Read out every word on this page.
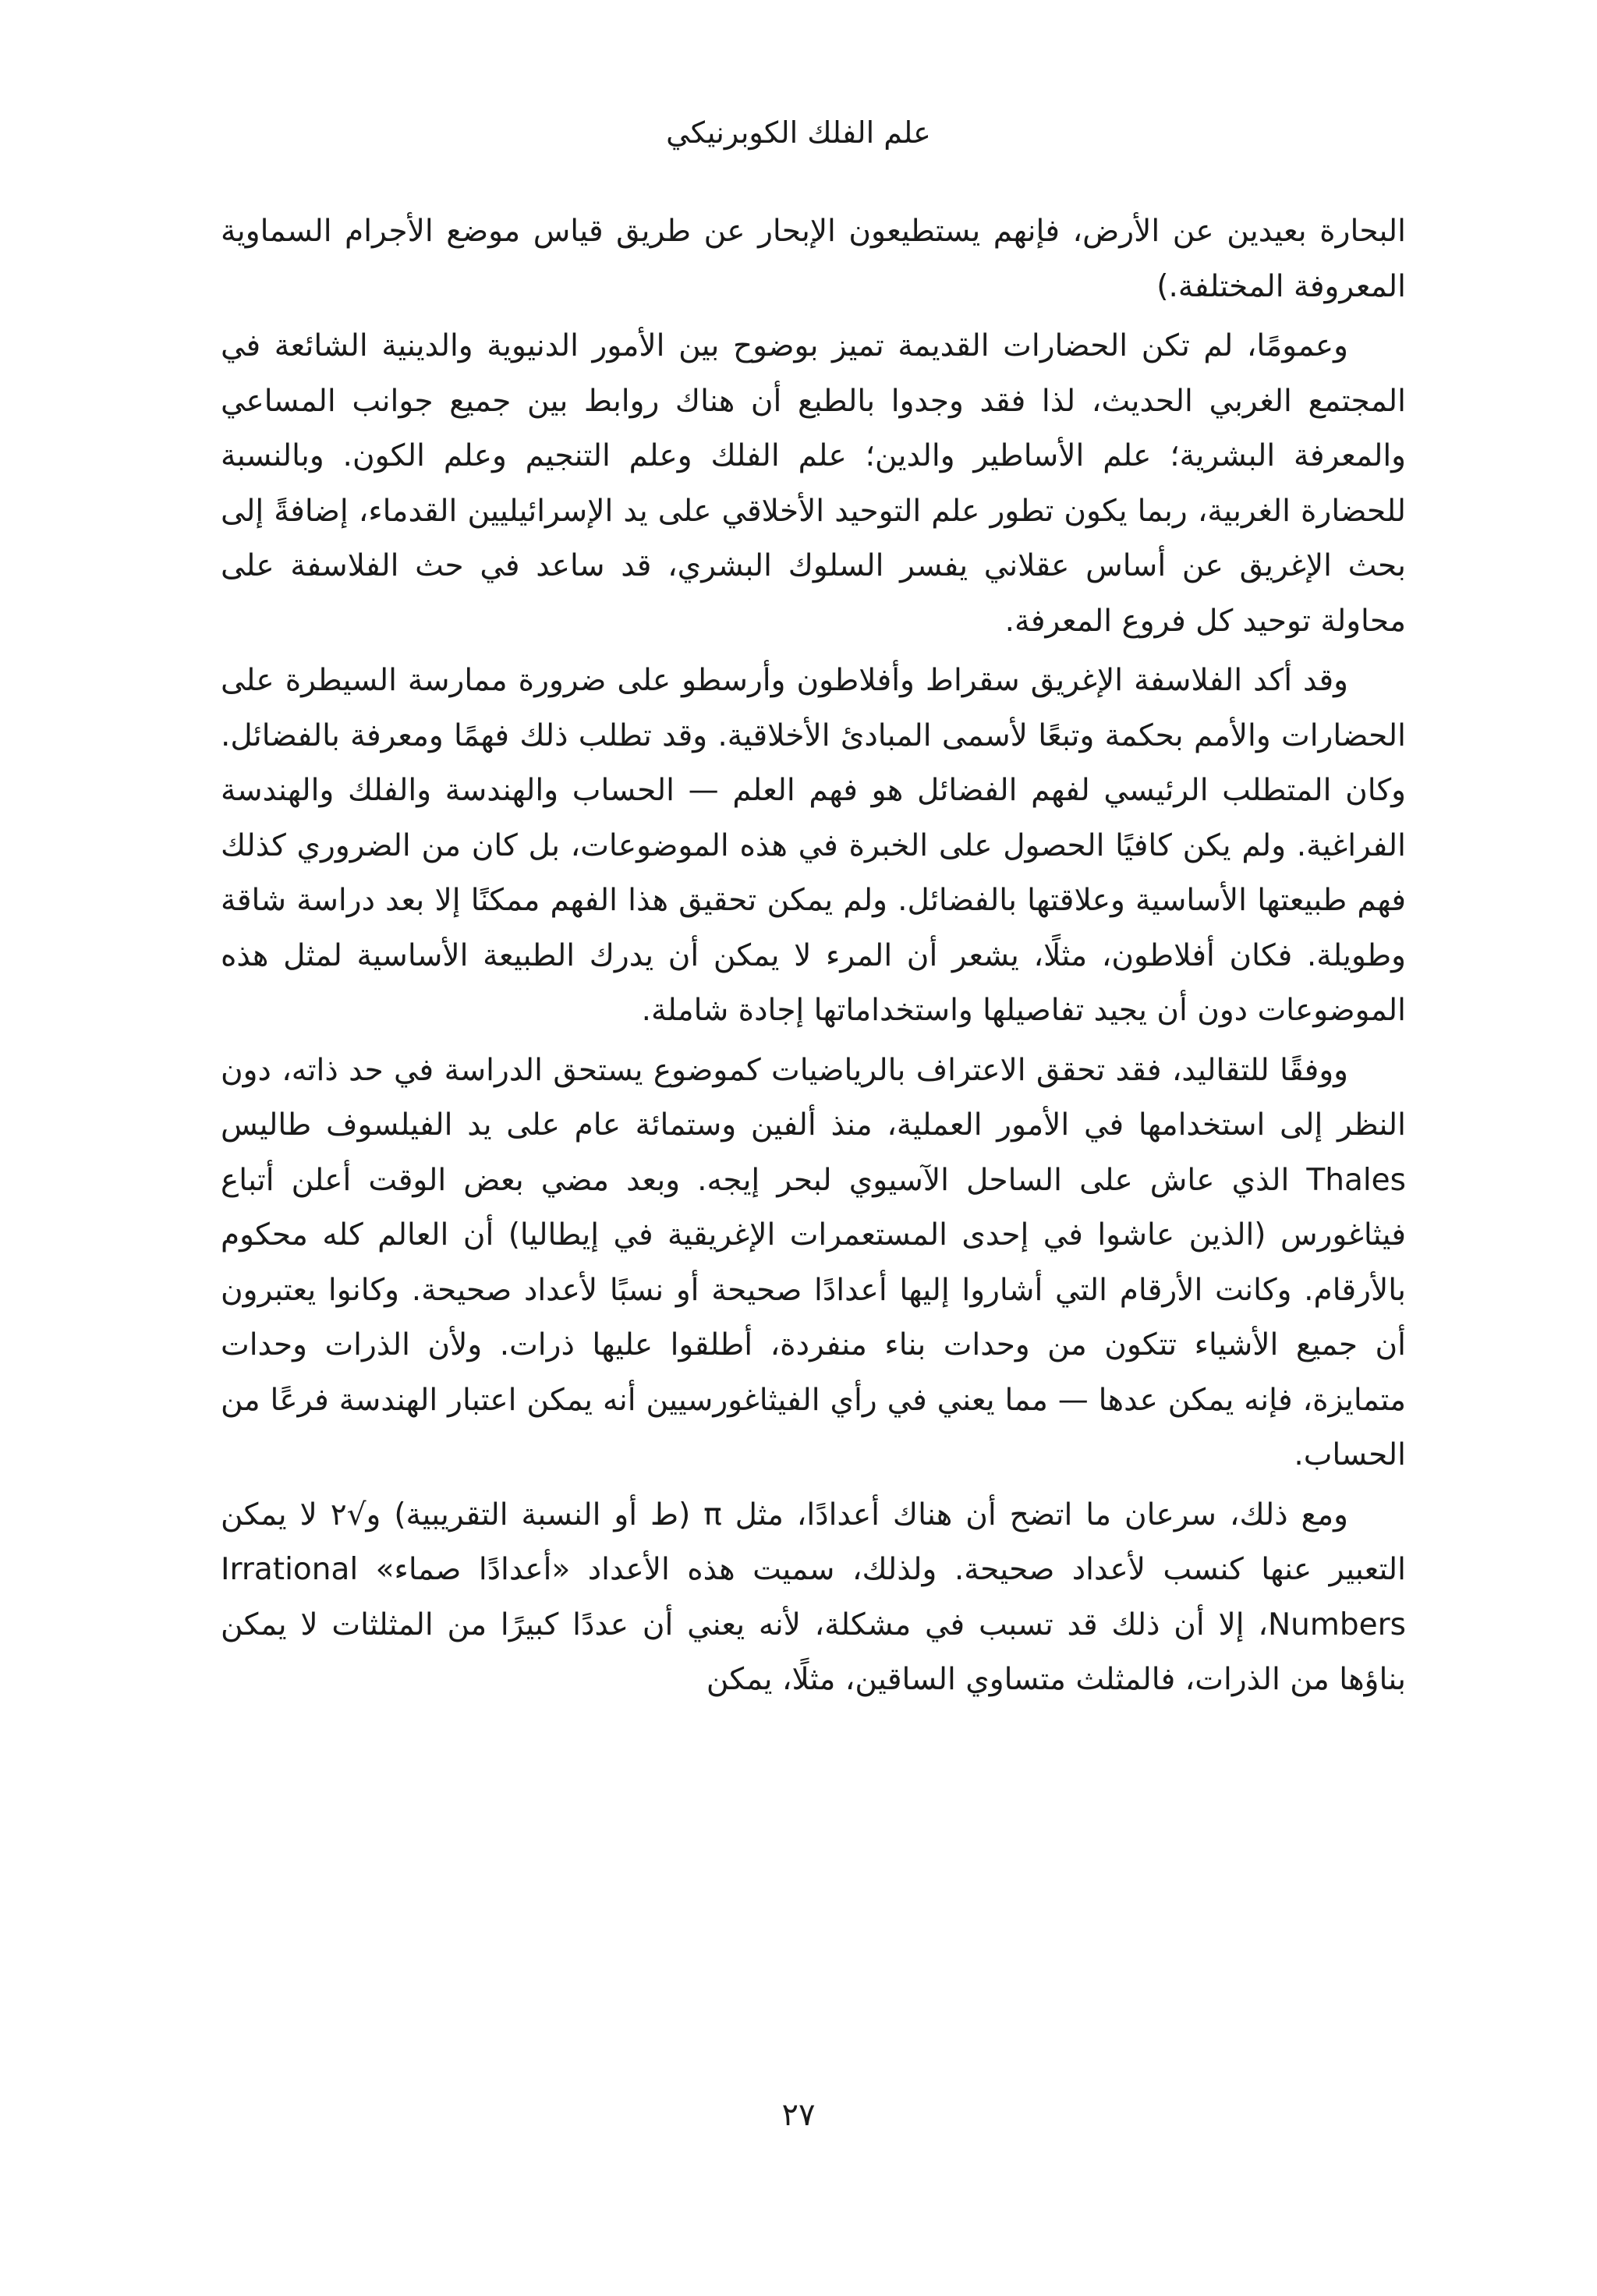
علم الفلك الكوبرنيكي

البحارة بعيدين عن الأرض، فإنهم يستطيعون الإبحار عن طريق قياس موضع الأجرام السماوية المعروفة المختلفة.)

وعمومًا، لم تكن الحضارات القديمة تميز بوضوح بين الأمور الدنيوية والدينية الشائعة في المجتمع الغربي الحديث، لذا فقد وجدوا بالطبع أن هناك روابط بين جميع جوانب المساعي والمعرفة البشرية؛ علم الأساطير والدين؛ علم الفلك وعلم التنجيم وعلم الكون. وبالنسبة للحضارة الغربية، ربما يكون تطور علم التوحيد الأخلاقي على يد الإسرائيليين القدماء، إضافةً إلى بحث الإغريق عن أساس عقلاني يفسر السلوك البشري، قد ساعد في حث الفلاسفة على محاولة توحيد كل فروع المعرفة.

وقد أكد الفلاسفة الإغريق سقراط وأفلاطون وأرسطو على ضرورة ممارسة السيطرة على الحضارات والأمم بحكمة وتبعًا لأسمى المبادئ الأخلاقية. وقد تطلب ذلك فهمًا ومعرفة بالفضائل. وكان المتطلب الرئيسي لفهم الفضائل هو فهم العلم — الحساب والهندسة والفلك والهندسة الفراغية. ولم يكن كافيًا الحصول على الخبرة في هذه الموضوعات، بل كان من الضروري كذلك فهم طبيعتها الأساسية وعلاقتها بالفضائل. ولم يمكن تحقيق هذا الفهم ممكنًا إلا بعد دراسة شاقة وطويلة. فكان أفلاطون، مثلًا، يشعر أن المرء لا يمكن أن يدرك الطبيعة الأساسية لمثل هذه الموضوعات دون أن يجيد تفاصيلها واستخداماتها إجادة شاملة.

ووفقًا للتقاليد، فقد تحقق الاعتراف بالرياضيات كموضوع يستحق الدراسة في حد ذاته، دون النظر إلى استخدامها في الأمور العملية، منذ ألفين وستمائة عام على يد الفيلسوف طاليس Thales الذي عاش على الساحل الآسيوي لبحر إيجه. وبعد مضي بعض الوقت أعلن أتباع فيثاغورس (الذين عاشوا في إحدى المستعمرات الإغريقية في إيطاليا) أن العالم كله محكوم بالأرقام. وكانت الأرقام التي أشاروا إليها أعدادًا صحيحة أو نسبًا لأعداد صحيحة. وكانوا يعتبرون أن جميع الأشياء تتكون من وحدات بناء منفردة، أطلقوا عليها ذرات. ولأن الذرات وحدات متمايزة، فإنه يمكن عدها — مما يعني في رأي الفيثاغورسيين أنه يمكن اعتبار الهندسة فرعًا من الحساب.

ومع ذلك، سرعان ما اتضح أن هناك أعدادًا، مثل π (ط أو النسبة التقريبية) و√٢ لا يمكن التعبير عنها كنسب لأعداد صحيحة. ولذلك، سميت هذه الأعداد «أعدادًا صماء» Irrational Numbers، إلا أن ذلك قد تسبب في مشكلة، لأنه يعني أن عددًا كبيرًا من المثلثات لا يمكن بناؤها من الذرات، فالمثلث متساوي الساقين، مثلًا، يمكن

٢٧
